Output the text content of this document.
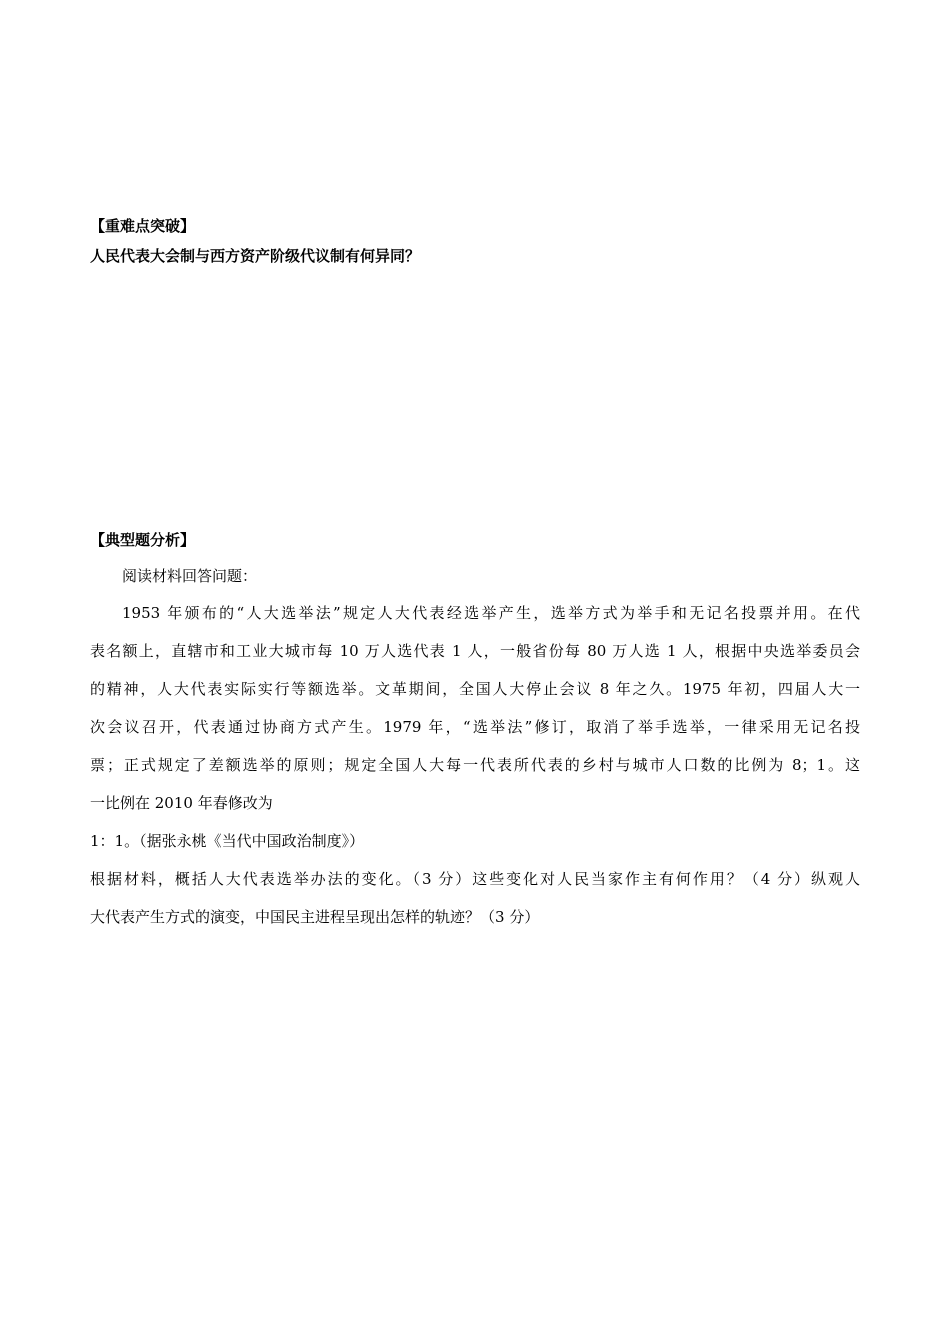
【重难点突破】
人民代表大会制与西方资产阶级代议制有何异同？
【典型题分析】
阅读材料回答问题：
1953 年颁布的“人大选举法”规定人大代表经选举产生，选举方式为举手和无记名投票并用。在代
表名额上，直辖市和工业大城市每 10 万人选代表 1 人，一般省份每 80 万人选 1 人，根据中央选举委员会
的精神，人大代表实际实行等额选举。文革期间，全国人大停止会议 8 年之久。1975 年初，四届人大一
次会议召开，代表通过协商方式产生。1979 年，“选举法”修订，取消了举手选举，一律采用无记名投
票；正式规定了差额选举的原则；规定全国人大每一代表所代表的乡村与城市人口数的比例为 8；1。这
一比例在 2010 年春修改为
1：1。（据张永桃《当代中国政治制度》）
根据材料，概括人大代表选举办法的变化。（3 分）这些变化对人民当家作主有何作用？（4 分）纵观人
大代表产生方式的演变，中国民主进程呈现出怎样的轨迹？（3 分）
